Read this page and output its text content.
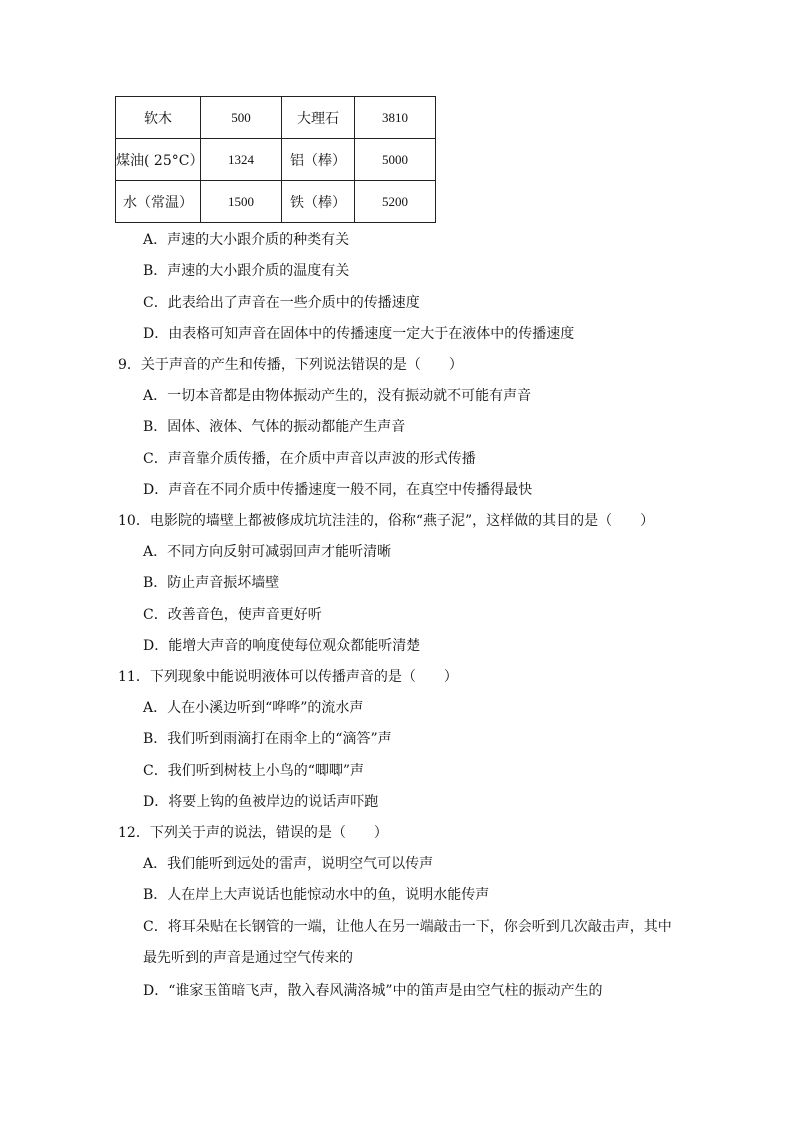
软木	500	大理石	3810
煤油( 25°C）	1324	铝（棒）	5000
水（常温）	1500	铁（棒）	5200
A．声速的大小跟介质的种类有关
B．声速的大小跟介质的温度有关
C．此表给出了声音在一些介质中的传播速度
D．由表格可知声音在固体中的传播速度一定大于在液体中的传播速度
9．关于声音的产生和传播，下列说法错误的是（　　）
A．一切本音都是由物体振动产生的，没有振动就不可能有声音
B．固体、液体、气体的振动都能产生声音
C．声音靠介质传播，在介质中声音以声波的形式传播
D．声音在不同介质中传播速度一般不同，在真空中传播得最快
10．电影院的墙壁上都被修成坑坑洼洼的，俗称“燕子泥”，这样做的其目的是（　　）
A．不同方向反射可减弱回声才能听清晰
B．防止声音振坏墙壁
C．改善音色，使声音更好听
D．能增大声音的响度使每位观众都能听清楚
11．下列现象中能说明液体可以传播声音的是（　　）
A．人在小溪边听到“哗哗”的流水声
B．我们听到雨滴打在雨伞上的“滴答”声
C．我们听到树枝上小鸟的“唧唧”声
D．将要上钩的鱼被岸边的说话声吓跑
12．下列关于声的说法，错误的是（　　）
A．我们能听到远处的雷声，说明空气可以传声
B．人在岸上大声说话也能惊动水中的鱼，说明水能传声
C．将耳朵贴在长钢管的一端，让他人在另一端敲击一下，你会听到几次敲击声，其中
最先听到的声音是通过空气传来的
D．“谁家玉笛暗飞声，散入春风满洛城”中的笛声是由空气柱的振动产生的
